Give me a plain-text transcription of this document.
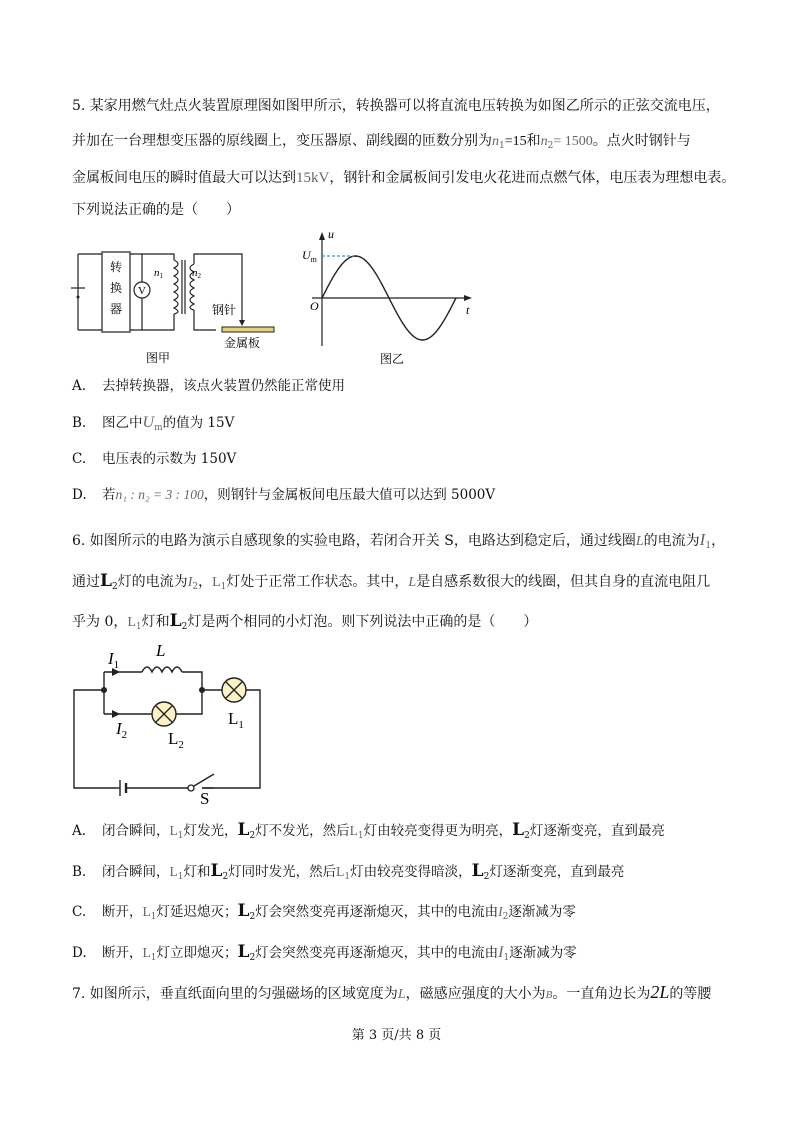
5. 某家用燃气灶点火装置原理图如图甲所示，转换器可以将直流电压转换为如图乙所示的正弦交流电压，
并加在一台理想变压器的原线圈上，变压器原、副线圈的匝数分别为$n_1=15$和$n_2= 1500$。点火时钢针与
金属板间电压的瞬时值最大可以达到15kV，钢针和金属板间引发电火花进而点燃气体，电压表为理想电表。
下列说法正确的是（　　）
V
转
换
器
n1	n2
钢针
金属板
图甲
u
$U_m$
O	t
图乙
A. 去掉转换器，该点火装置仍然能正常使用
B. 图乙中$U_m$的值为 15V
C. 电压表的示数为 150V
D. 若n₁ : n₂ = 3 : 100，则钢针与金属板间电压最大值可以达到 5000V
6. 如图所示的电路为演示自感现象的实验电路，若闭合开关 S，电路达到稳定后，通过线圈L的电流为$I_1$，
通过$L_2$灯的电流为$I_2$，$L_1$灯处于正常工作状态。其中，L是自感系数很大的线圈，但其自身的直流电阻几
乎为 0，$L_1$灯和$L_2$灯是两个相同的小灯泡。则下列说法中正确的是（　　）
$I_1$
L
$I_2$ $L_2$
$L_1$
S
A. 闭合瞬间，$L_1$灯发光，$L_2$灯不发光，然后$L_1$灯由较亮变得更为明亮，$L_2$灯逐渐变亮，直到最亮
B. 闭合瞬间，$L_1$灯和$L_2$灯同时发光，然后$L_1$灯由较亮变得暗淡，$L_2$灯逐渐变亮，直到最亮
C. 断开，$L_1$灯延迟熄灭；$L_2$灯会突然变亮再逐渐熄灭，其中的电流由$I_2$逐渐减为零
D. 断开，$L_1$灯立即熄灭；$L_2$灯会突然变亮再逐渐熄灭，其中的电流由$I_1$逐渐减为零
7. 如图所示，垂直纸面向里的匀强磁场的区域宽度为L，磁感应强度的大小为B。一直角边长为2L的等腰
第 3 页/共 8 页
